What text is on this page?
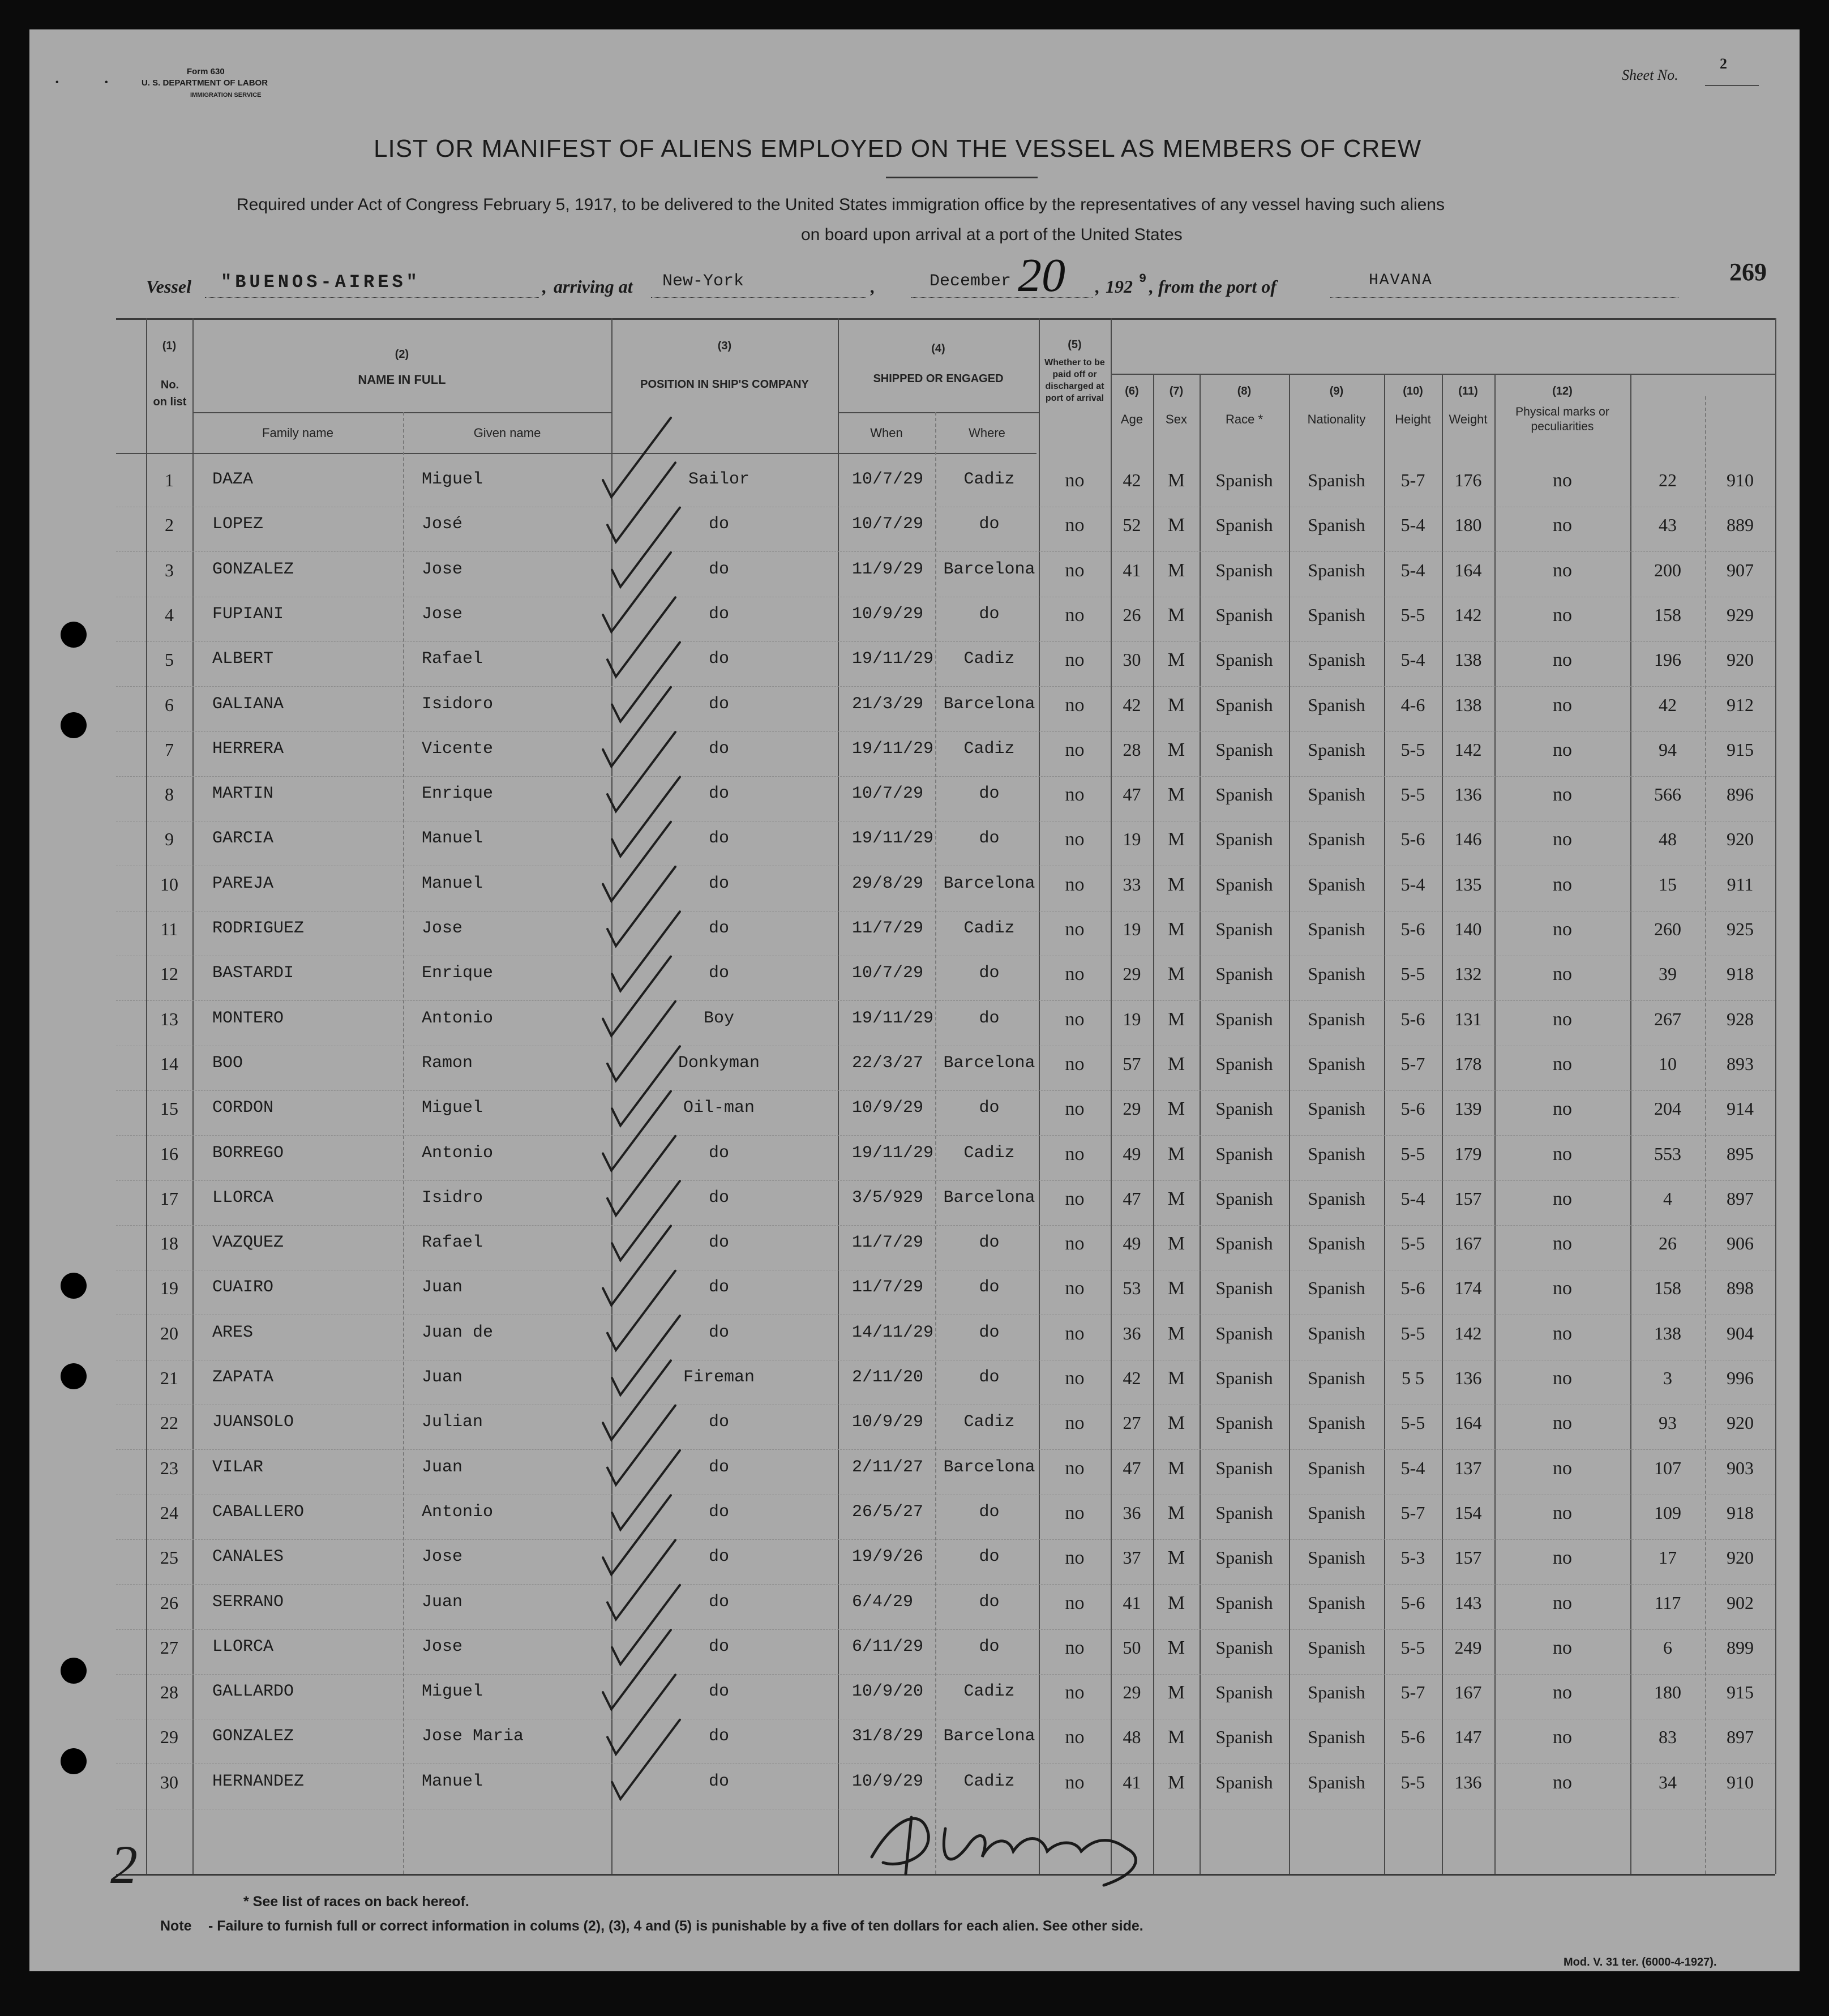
Form 630
•	•	U. S. DEPARTMENT OF LABOR
IMMIGRATION SERVICE
Sheet No.
2
LIST OR MANIFEST OF ALIENS EMPLOYED ON THE VESSEL AS MEMBERS OF CREW
Required under Act of Congress February 5, 1917, to be delivered to the United States immigration office by the representatives of any vessel having such aliens
on board upon arrival at a port of the United States
Vessel "BUENOS-AIRES"	, arriving at New-York	,	December 20 , 192 9 , from the port of	HAVANA	269
(1)
No. on list
(2)
NAME IN FULL
Family name	Given name
(3)
POSITION IN SHIP'S COMPANY
(4)
SHIPPED OR ENGAGED
When	Where
(5)
Whether to be paid off or discharged at port of arrival
(6)
Age
(7)
Sex
(8)
Race *
(9)
Nationality
(10)
Height
(11)
Weight
(12)
Physical marks or peculiarities
1	DAZA	Miguel	Sailor	10/7/29	Cadiz	no	42	M	Spanish	Spanish	5-7	176	no	22	910
2	LOPEZ	José	do	10/7/29	do	no	52	M	Spanish	Spanish	5-4	180	no	43	889
3	GONZALEZ	Jose	do	11/9/29 Barcelona	no	41	M	Spanish	Spanish	5-4	164	no	200	907
4	FUPIANI	Jose	do	10/9/29	do	no	26	M	Spanish	Spanish	5-5	142	no	158	929
5	ALBERT	Rafael	do	19/11/29	Cadiz	no	30	M	Spanish	Spanish	5-4	138	no	196	920
6	GALIANA	Isidoro	do	21/3/29 Barcelona	no	42	M	Spanish	Spanish	4-6	138	no	42	912
7	HERRERA	Vicente	do	19/11/29	Cadiz	no	28	M	Spanish	Spanish	5-5	142	no	94	915
8	MARTIN	Enrique	do	10/7/29	do	no	47	M	Spanish	Spanish	5-5	136	no	566	896
9	GARCIA	Manuel	do	19/11/29	do	no	19	M	Spanish	Spanish	5-6	146	no	48	920
10	PAREJA	Manuel	do	29/8/29 Barcelona	no	33	M	Spanish	Spanish	5-4	135	no	15	911
11	RODRIGUEZ	Jose	do	11/7/29	Cadiz	no	19	M	Spanish	Spanish	5-6	140	no	260	925
12	BASTARDI	Enrique	do	10/7/29	do	no	29	M	Spanish	Spanish	5-5	132	no	39	918
13	MONTERO	Antonio	Boy	19/11/29	do	no	19	M	Spanish	Spanish	5-6	131	no	267	928
14	BOO	Ramon	Donkyman	22/3/27 Barcelona	no	57	M	Spanish	Spanish	5-7	178	no	10	893
15	CORDON	Miguel	Oil-man	10/9/29	do	no	29	M	Spanish	Spanish	5-6	139	no	204	914
16	BORREGO	Antonio	do	19/11/29	Cadiz	no	49	M	Spanish	Spanish	5-5	179	no	553	895
17	LLORCA	Isidro	do	3/5/929 Barcelona	no	47	M	Spanish	Spanish	5-4	157	no	4	897
18	VAZQUEZ	Rafael	do	11/7/29	do	no	49	M	Spanish	Spanish	5-5	167	no	26	906
19	CUAIRO	Juan	do	11/7/29	do	no	53	M	Spanish	Spanish	5-6	174	no	158	898
20	ARES	Juan de	do	14/11/29	do	no	36	M	Spanish	Spanish	5-5	142	no	138	904
21	ZAPATA	Juan	Fireman	2/11/20	do	no	42	M	Spanish	Spanish	5 5	136	no	3	996
22	JUANSOLO	Julian	do	10/9/29	Cadiz	no	27	M	Spanish	Spanish	5-5	164	no	93	920
23	VILAR	Juan	do	2/11/27 Barcelona	no	47	M	Spanish	Spanish	5-4	137	no	107	903
24	CABALLERO	Antonio	do	26/5/27	do	no	36	M	Spanish	Spanish	5-7	154	no	109	918
25	CANALES	Jose	do	19/9/26	do	no	37	M	Spanish	Spanish	5-3	157	no	17	920
26	SERRANO	Juan	do	6/4/29	do	no	41	M	Spanish	Spanish	5-6	143	no	117	902
27	LLORCA	Jose	do	6/11/29	do	no	50	M	Spanish	Spanish	5-5	249	no	6	899
28	GALLARDO	Miguel	do	10/9/20	Cadiz	no	29	M	Spanish	Spanish	5-7	167	no	180	915
29	GONZALEZ	Jose Maria	do	31/8/29 Barcelona	no	48	M	Spanish	Spanish	5-6	147	no	83	897
30	HERNANDEZ	Manuel	do	10/9/29	Cadiz	no	41	M	Spanish	Spanish	5-5	136	no	34	910
2
* See list of races on back hereof.
Note - Failure to furnish full or correct information in colums (2), (3), 4 and (5) is punishable by a five of ten dollars for each alien. See other side.
Mod. V. 31 ter. (6000-4-1927).
